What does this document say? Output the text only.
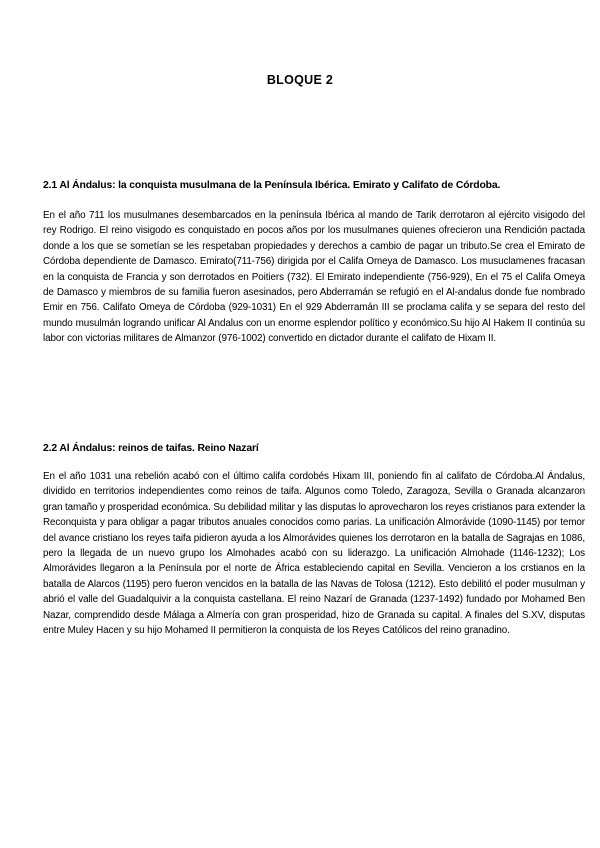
BLOQUE 2
2.1 Al Ándalus: la conquista musulmana de la Península Ibérica. Emirato y Califato de Córdoba.
En el año 711 los musulmanes desembarcados en la península Ibérica al mando de Tarik derrotaron al ejército visigodo del rey Rodrigo. El reino visigodo es conquistado en pocos años por los musulmanes quienes ofrecieron una Rendición pactada donde a los que se sometían se les respetaban propiedades y derechos a cambio de pagar un tributo.Se crea el Emirato de Córdoba dependiente de Damasco. Emirato(711-756) dirigida por el Califa Omeya de Damasco. Los musuclamenes fracasan en la conquista de Francia y son derrotados en Poitiers (732). El Emirato independiente (756-929), En el 75 el Califa Omeya de Damasco y miembros de su familia fueron asesinados, pero Abderramán se refugió en el Al-andalus donde fue nombrado Emir en 756. Califato Omeya de Córdoba (929-1031) En el 929 Abderramán III se proclama califa y se separa del resto del mundo musulmán logrando unificar Al Andalus con un enorme esplendor político y económico.Su hijo Al Hakem II continúa su labor con victorias militares de Almanzor (976-1002) convertido en dictador durante el califato de Hixam II.
2.2 Al Ándalus: reinos de taifas. Reino Nazarí
En el año 1031 una rebelión acabó con el último califa cordobés Hixam III, poniendo fin al califato de Córdoba.Al Ándalus, dividido en territorios independientes como reinos de taifa. Algunos como Toledo, Zaragoza, Sevilla o Granada alcanzaron gran tamaño y prosperidad económica. Su debilidad militar y las disputas lo aprovecharon los reyes cristianos para extender la Reconquista y para obligar a pagar tributos anuales conocidos como parias. La unificación Almorávide (1090-1145) por temor del avance cristiano los reyes taifa pidieron ayuda a los Almorávides quienes los derrotaron en la batalla de Sagrajas en 1086, pero la llegada de un nuevo grupo los Almohades acabó con su liderazgo. La unificación Almohade (1146-1232); Los Almorávides llegaron a la Península por el norte de África estableciendo capital en Sevilla. Vencieron a los crstianos en la batalla de Alarcos (1195) pero fueron vencidos en la batalla de las Navas de Tolosa (1212). Esto debilitó el poder musulman y abrió el valle del Guadalquivir a la conquista castellana. El reino Nazarí de Granada (1237-1492) fundado por Mohamed Ben Nazar, comprendido desde Málaga a Almería con gran prosperidad, hizo de Granada su capital. A finales del S.XV, disputas entre Muley Hacen y su hijo Mohamed II permitieron la conquista de los Reyes Católicos del reino granadino.
